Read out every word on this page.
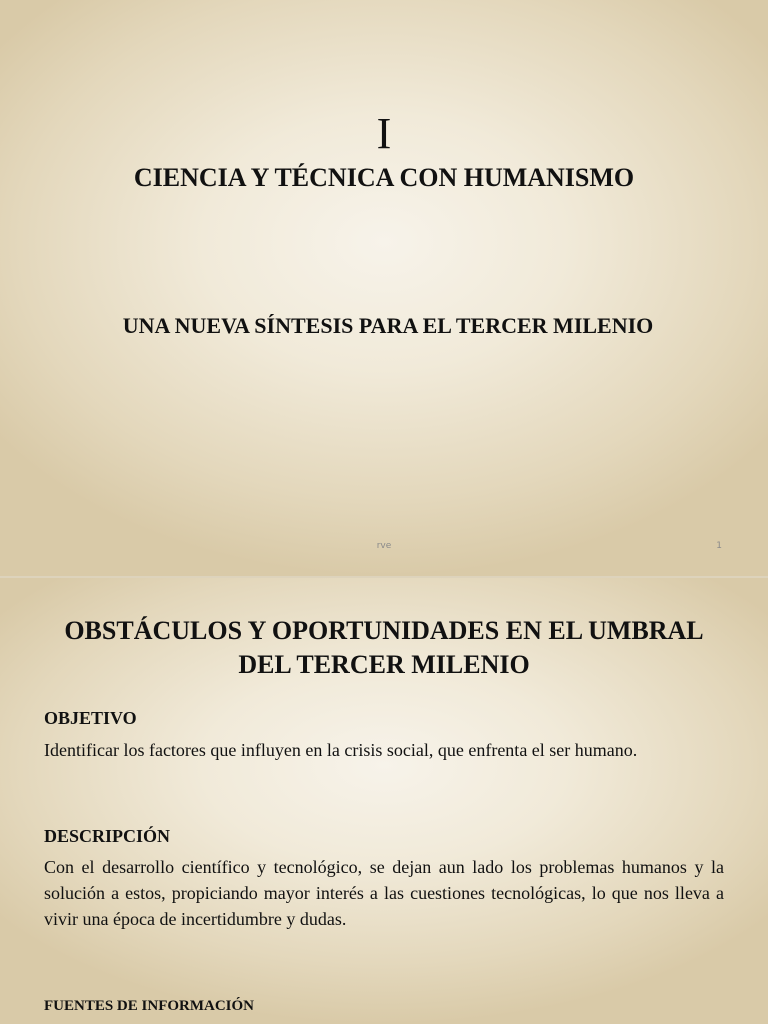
I
CIENCIA Y TÉCNICA CON HUMANISMO
UNA NUEVA SÍNTESIS PARA EL TERCER MILENIO
rve	1
OBSTÁCULOS Y OPORTUNIDADES EN EL UMBRAL DEL TERCER MILENIO
OBJETIVO
Identificar los factores que influyen en la crisis social, que enfrenta el ser humano.
DESCRIPCIÓN
Con el desarrollo científico y tecnológico, se dejan aun lado los problemas humanos y la solución a estos, propiciando mayor interés a las cuestiones tecnológicas, lo que nos lleva a vivir una época de incertidumbre y dudas.
FUENTES DE INFORMACIÓN
